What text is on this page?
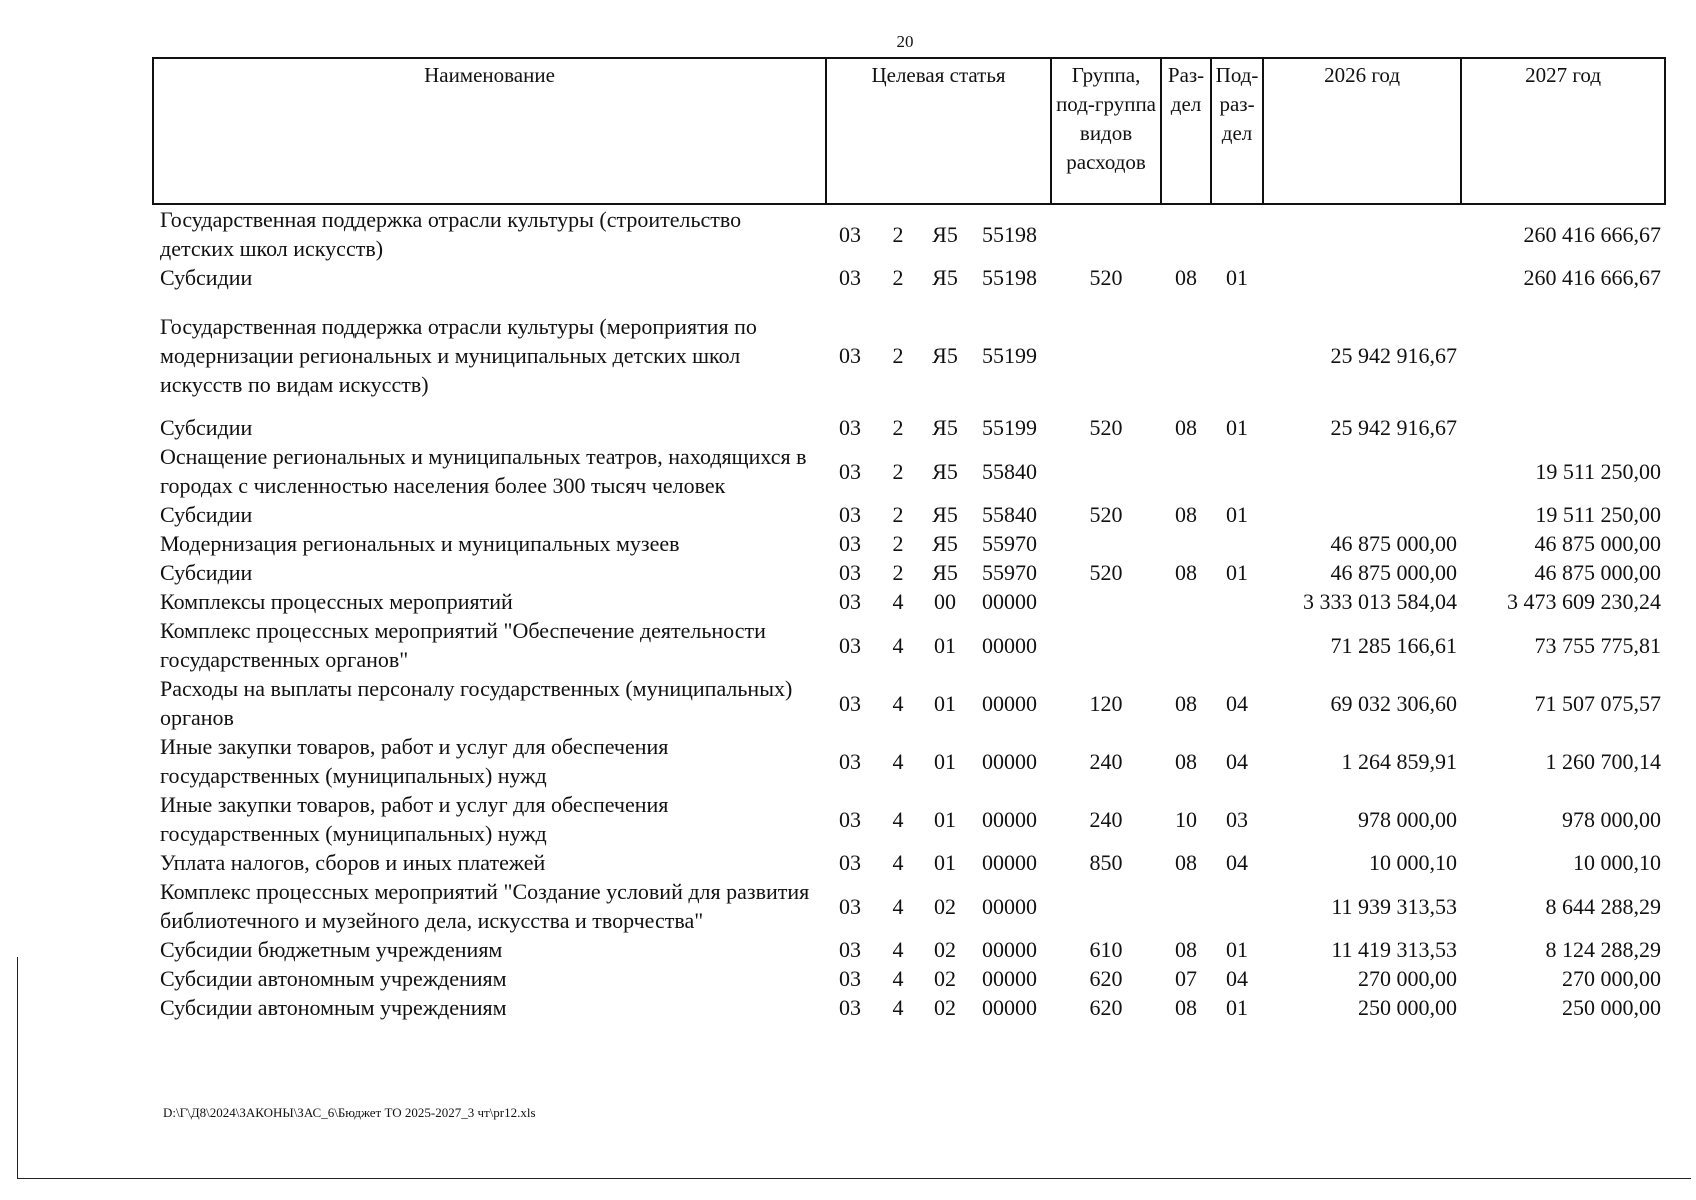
20
Наименование	Целевая статья				Группа, под-группа видов расходов	Раз-дел	Под-раз-дел	2026 год	2027 год
Государственная поддержка отрасли культуры (строительство детских школ искусств)	03	2	Я5	55198					260 416 666,67
Субсидии	03	2	Я5	55198	520	08	01		260 416 666,67
Государственная поддержка отрасли культуры (мероприятия по модернизации региональных и муниципальных детских школ искусств по видам искусств)	03	2	Я5	55199				25 942 916,67	
Субсидии	03	2	Я5	55199	520	08	01	25 942 916,67	
Оснащение региональных и муниципальных театров, находящихся в городах с численностью населения более 300 тысяч человек	03	2	Я5	55840					19 511 250,00
Субсидии	03	2	Я5	55840	520	08	01		19 511 250,00
Модернизация региональных и муниципальных музеев	03	2	Я5	55970				46 875 000,00	46 875 000,00
Субсидии	03	2	Я5	55970	520	08	01	46 875 000,00	46 875 000,00
Комплексы процессных мероприятий	03	4	00	00000				3 333 013 584,04	3 473 609 230,24
Комплекс процессных мероприятий "Обеспечение деятельности государственных органов"	03	4	01	00000				71 285 166,61	73 755 775,81
Расходы на выплаты персоналу государственных (муниципальных) органов	03	4	01	00000	120	08	04	69 032 306,60	71 507 075,57
Иные закупки товаров, работ и услуг для обеспечения государственных (муниципальных) нужд	03	4	01	00000	240	08	04	1 264 859,91	1 260 700,14
Иные закупки товаров, работ и услуг для обеспечения государственных (муниципальных) нужд	03	4	01	00000	240	10	03	978 000,00	978 000,00
Уплата налогов, сборов и иных платежей	03	4	01	00000	850	08	04	10 000,10	10 000,10
Комплекс процессных мероприятий "Создание условий для развития библиотечного и музейного дела, искусства и творчества"	03	4	02	00000				11 939 313,53	8 644 288,29
Субсидии бюджетным учреждениям	03	4	02	00000	610	08	01	11 419 313,53	8 124 288,29
Субсидии автономным учреждениям	03	4	02	00000	620	07	04	270 000,00	270 000,00
Субсидии автономным учреждениям	03	4	02	00000	620	08	01	250 000,00	250 000,00
D:\Г\Д8\2024\ЗАКОНЫ\ЗАС_6\Бюджет ТО 2025-2027_3 чт\pr12.xls
